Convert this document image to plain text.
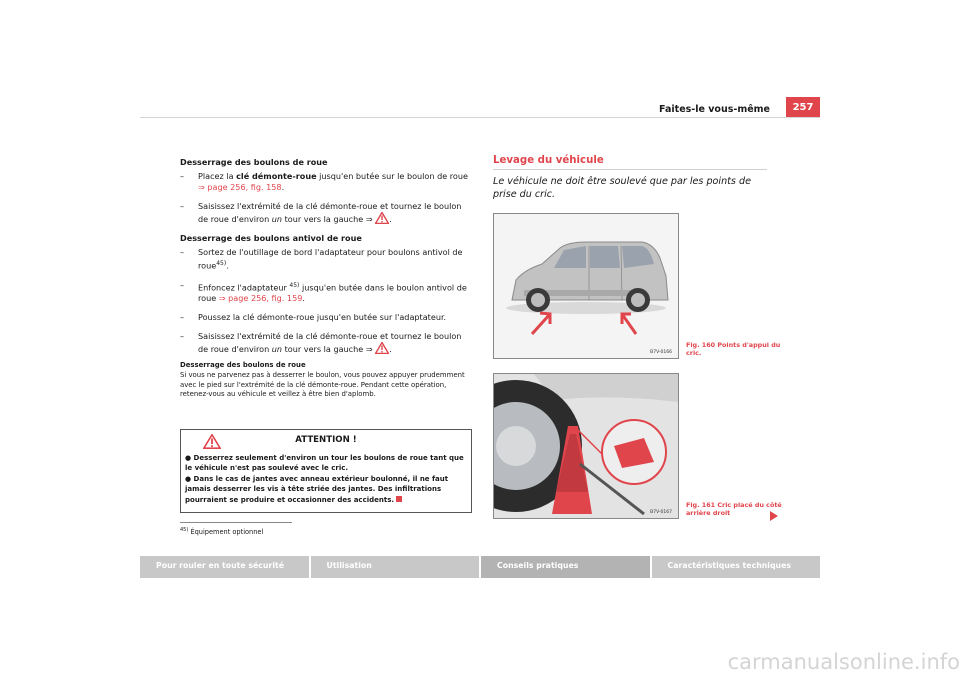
Faites-le vous-même	257

Desserrage des boulons de roue

– Placez la clé démonte-roue jusqu'en butée sur le boulon de roue
⇒ page 256, fig. 158.
– Saisissez l'extrémité de la clé démonte-roue et tournez le boulon de roue d'environ un tour vers la gauche ⇒ .

Desserrage des boulons antivol de roue

– Sortez de l'outillage de bord l'adaptateur pour boulons antivol de roue$^{45)}$.
– Enfoncez l'adaptateur $^{45)}$ jusqu'en butée dans le boulon antivol de roue ⇒ page 256, fig. 159.
– Poussez la clé démonte-roue jusqu'en butée sur l'adaptateur.
– Saisissez l'extrémité de la clé démonte-roue et tournez le boulon de roue d'environ un tour vers la gauche ⇒ .
Desserrage des boulons de roue
Si vous ne parvenez pas à desserrer le boulon, vous pouvez appuyer prudemment avec le pied sur l'extrémité de la clé démonte-roue. Pendant cette opération, retenez-vous au véhicule et veillez à être bien d'aplomb.
ATTENTION !
● Desserrez seulement d'environ un tour les boulons de roue tant que le véhicule n'est pas soulevé avec le cric.
● Dans le cas de jantes avec anneau extérieur boulonné, il ne faut jamais desserrer les vis à tête striée des jantes. Des infiltrations pourraient se produire et occasionner des accidents.
$^{45)}$ Équipement optionnel
Levage du véhicule
Le véhicule ne doit être soulevé que par les points de prise du cric.
B7V-0166
Fig. 160 Points d'appui du cric.
B7V-0167
Fig. 161 Cric placé du côté arrière droit
Pour rouler en toute sécurité	Utilisation	Conseils pratiques	Caractéristiques techniques
carmanualsonline.info
